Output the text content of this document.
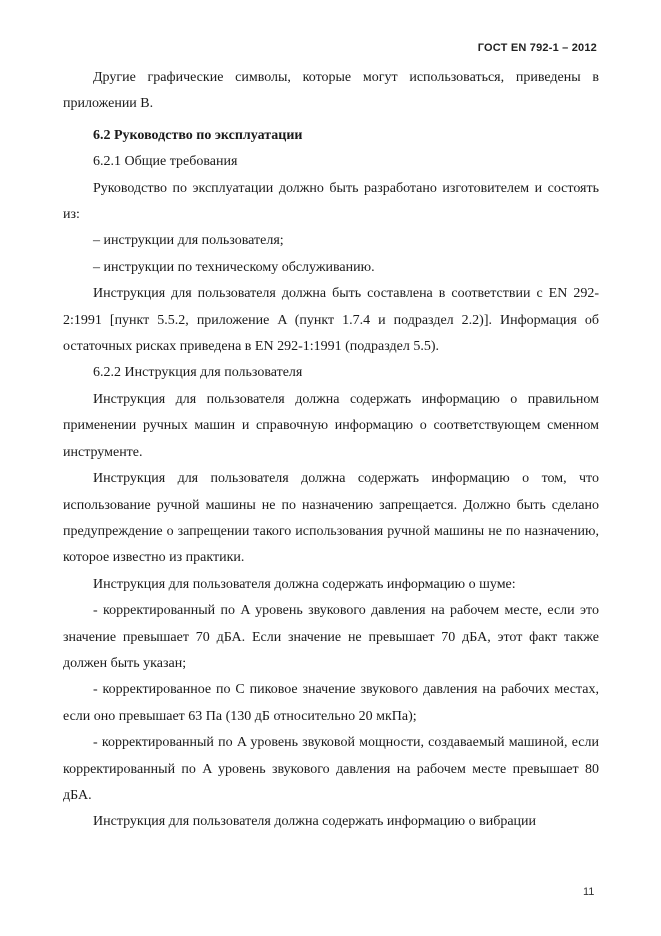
ГОСТ EN 792-1 – 2012

Другие графические символы, которые могут использоваться, приведены в приложении B.

6.2 Руководство по эксплуатации

6.2.1 Общие требования

Руководство по эксплуатации должно быть разработано изготовителем и состоять из:

– инструкции для пользователя;

– инструкции по техническому обслуживанию.

Инструкция для пользователя должна быть составлена в соответствии с EN 292-2:1991 [пункт 5.5.2, приложение A (пункт 1.7.4 и подраздел 2.2)]. Информация об остаточных рисках приведена в EN 292-1:1991 (подраздел 5.5).

6.2.2 Инструкция для пользователя

Инструкция для пользователя должна содержать информацию о правильном применении ручных машин и справочную информацию о соответствующем сменном инструменте.

Инструкция для пользователя должна содержать информацию о том, что использование ручной машины не по назначению запрещается. Должно быть сделано предупреждение о запрещении такого использования ручной машины не по назначению, которое известно из практики.

Инструкция для пользователя должна содержать информацию о шуме:

- корректированный по A уровень звукового давления на рабочем месте, если это значение превышает 70 дБА. Если значение не превышает 70 дБА, этот факт также должен быть указан;

- корректированное по C пиковое значение звукового давления на рабочих местах, если оно превышает 63 Па (130 дБ относительно 20 мкПа);

- корректированный по A уровень звуковой мощности, создаваемый машиной, если корректированный по A уровень звукового давления на рабочем месте превышает 80 дБА.

Инструкция для пользователя должна содержать информацию о вибрации

11
